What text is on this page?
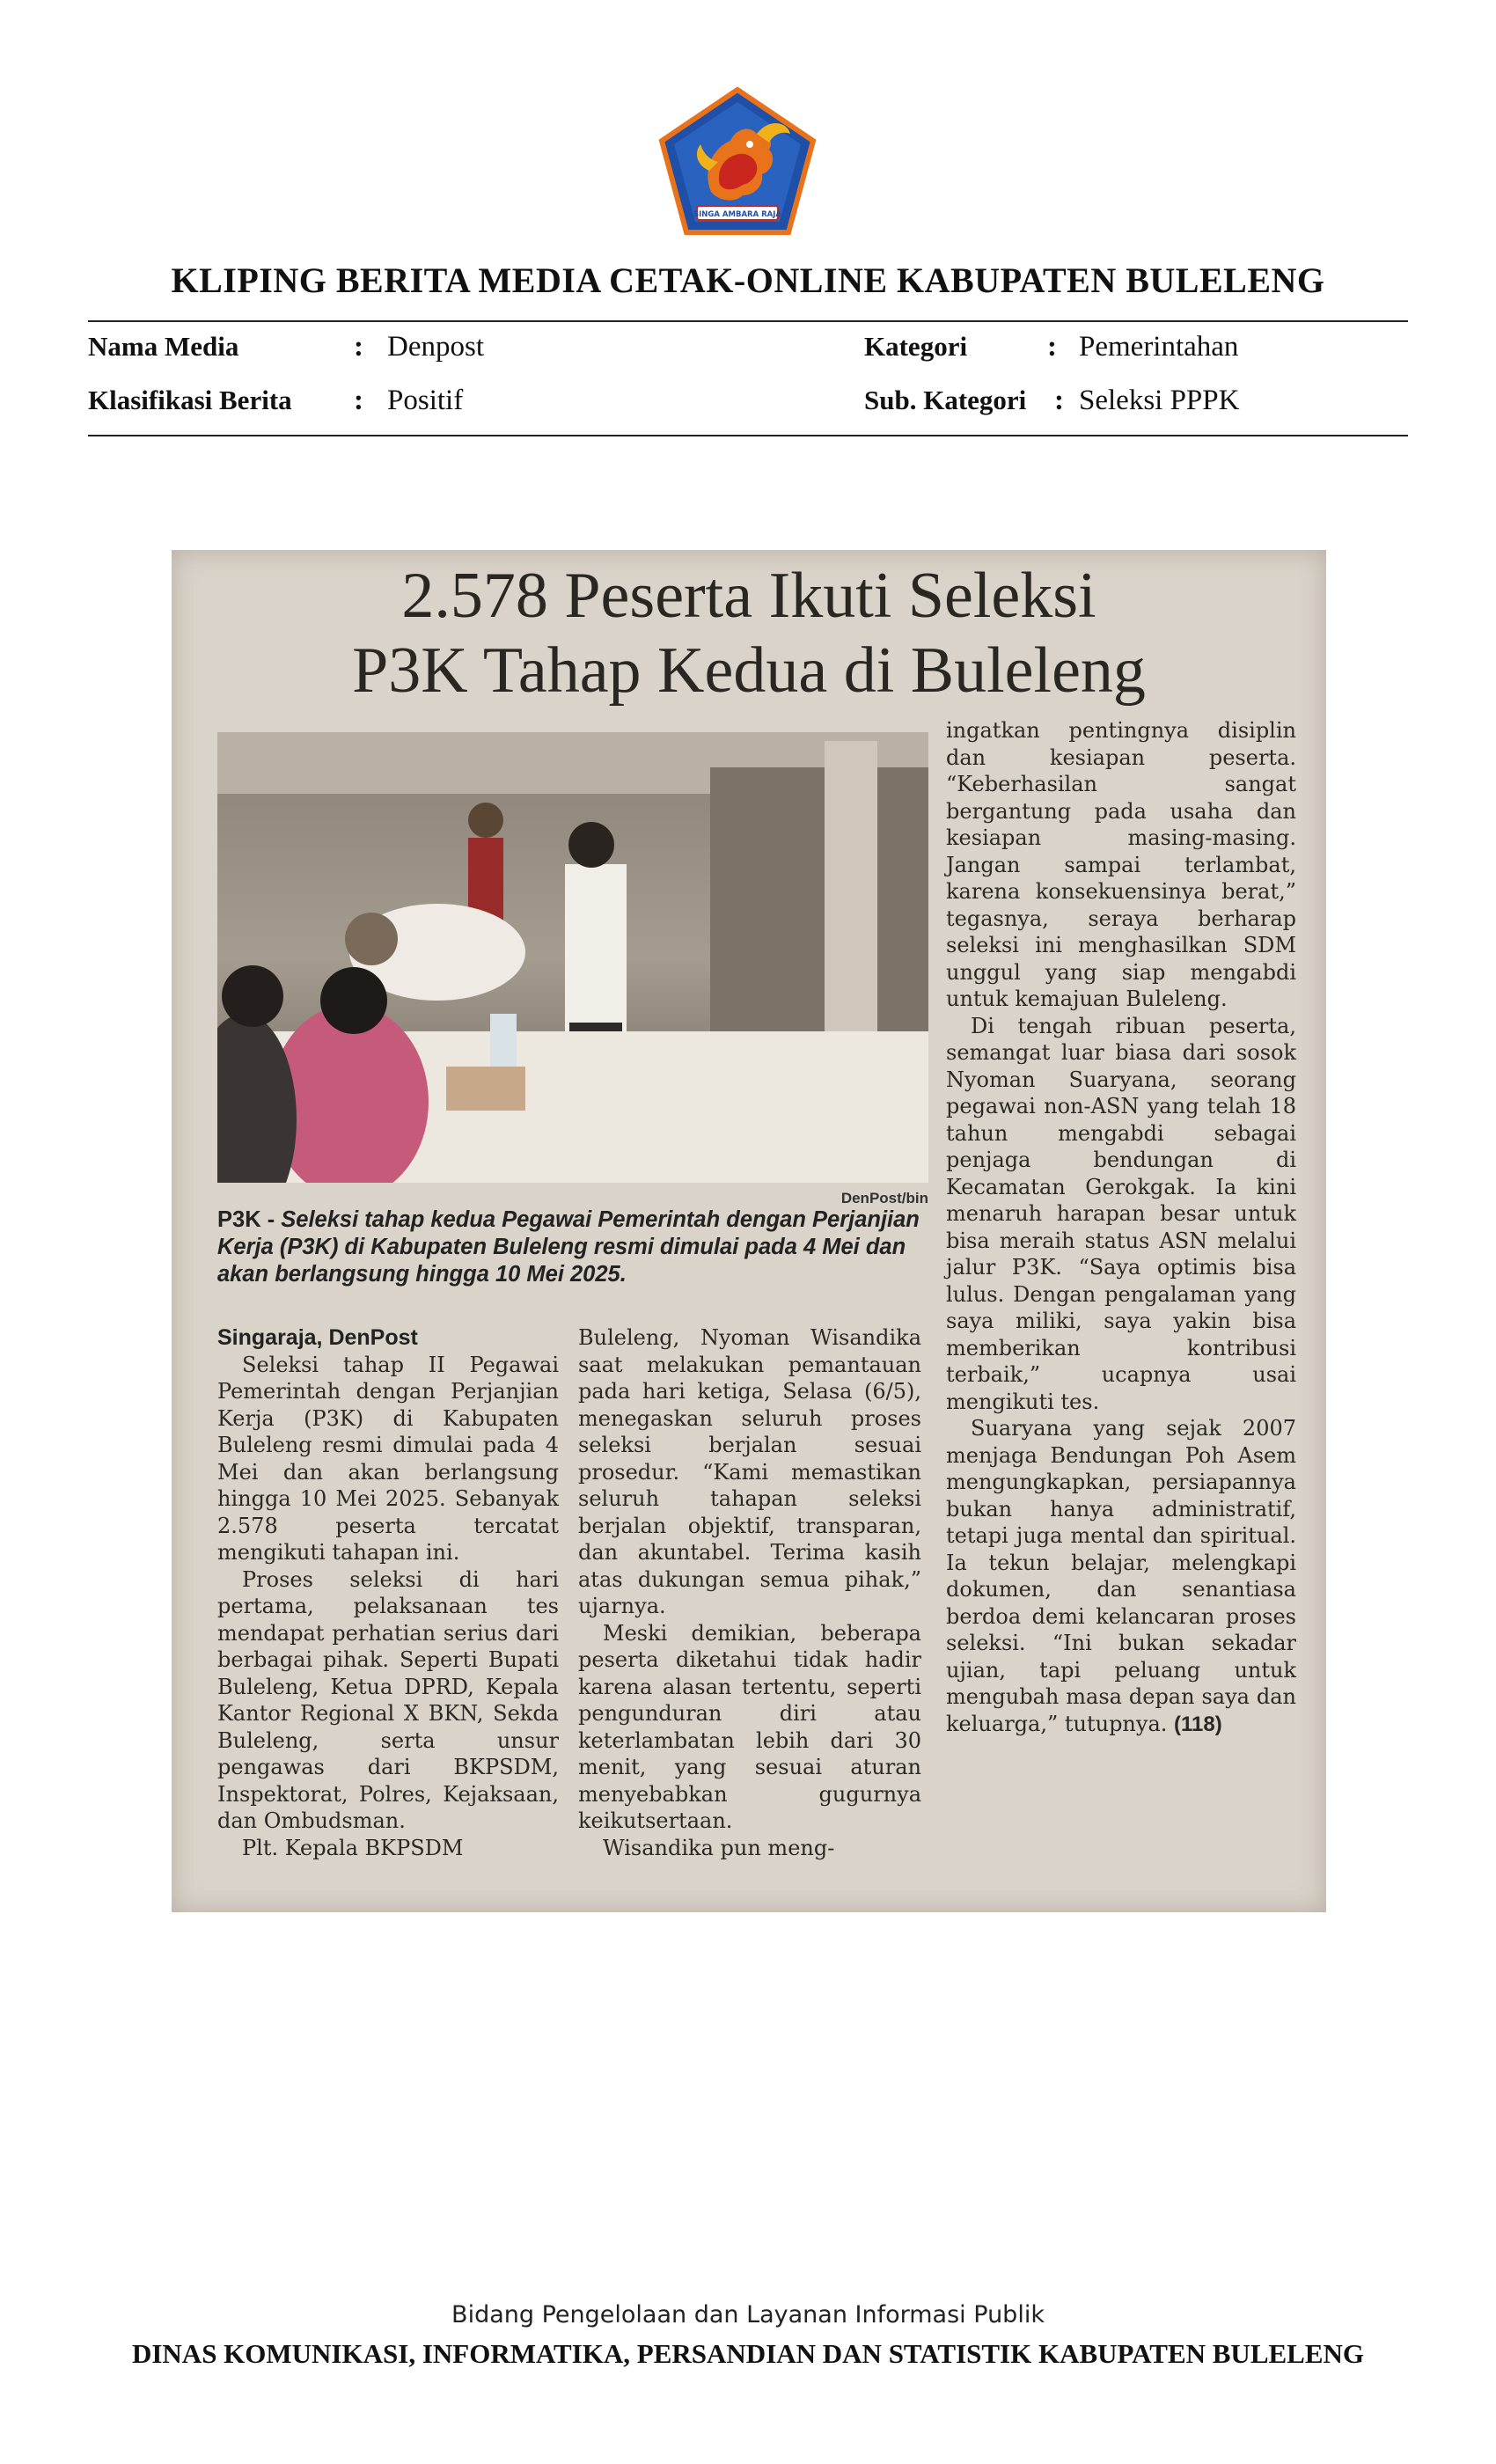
SINGA AMBARA RAJA
KLIPING BERITA MEDIA CETAK-ONLINE KABUPATEN BULELENG
Nama Media	: Denpost	Kategori	: Pemerintahan
Klasifikasi Berita : Positif	Sub. Kategori : Seleksi PPPK
2.578 Peserta Ikuti Seleksi
P3K Tahap Kedua di Buleleng
DenPost/bin
P3K - Seleksi tahap kedua Pegawai Pemerintah dengan Perjanjian Kerja (P3K) di Kabupaten Buleleng resmi dimulai pada 4 Mei dan akan berlangsung hingga 10 Mei 2025.
Singaraja, DenPost

Seleksi tahap II Pegawai Pemerintah dengan Perjanjian Kerja (P3K) di Kabupaten Buleleng resmi dimulai pada 4 Mei dan akan berlangsung hingga 10 Mei 2025. Sebanyak 2.578 peserta tercatat mengikuti tahapan ini.

Proses seleksi di hari pertama, pelaksanaan tes mendapat perhatian serius dari berbagai pihak. Seperti Bupati Buleleng, Ketua DPRD, Kepala Kantor Regional X BKN, Sekda Buleleng, serta unsur pengawas dari BKPSDM, Inspektorat, Polres, Kejaksaan, dan Ombudsman.

Plt. Kepala BKPSDM

Buleleng, Nyoman Wisandika saat melakukan pemantauan pada hari ketiga, Selasa (6/5), menegaskan seluruh proses seleksi berjalan sesuai prosedur. “Kami memastikan seluruh tahapan seleksi berjalan objektif, transparan, dan akuntabel. Terima kasih atas dukungan semua pihak,” ujarnya.

Meski demikian, beberapa peserta diketahui tidak hadir karena alasan tertentu, seperti pengunduran diri atau keterlambatan lebih dari 30 menit, yang sesuai aturan menyebabkan gugurnya keikutsertaan.

Wisandika pun meng-

ingatkan pentingnya disiplin dan kesiapan peserta. “Keberhasilan sangat bergantung pada usaha dan kesiapan masing-masing. Jangan sampai terlambat, karena konsekuensinya berat,” tegasnya, seraya berharap seleksi ini menghasilkan SDM unggul yang siap mengabdi untuk kemajuan Buleleng.

Di tengah ribuan peserta, semangat luar biasa dari sosok Nyoman Suaryana, seorang pegawai non-ASN yang telah 18 tahun mengabdi sebagai penjaga bendungan di Kecamatan Gerokgak. Ia kini menaruh harapan besar untuk bisa meraih status ASN melalui jalur P3K. “Saya optimis bisa lulus. Dengan pengalaman yang saya miliki, saya yakin bisa memberikan kontribusi terbaik,” ucapnya usai mengikuti tes.

Suaryana yang sejak 2007 menjaga Bendungan Poh Asem mengungkapkan, persiapannya bukan hanya administratif, tetapi juga mental dan spiritual. Ia tekun belajar, melengkapi dokumen, dan senantiasa berdoa demi kelancaran proses seleksi. “Ini bukan sekadar ujian, tapi peluang untuk mengubah masa depan saya dan keluarga,” tutupnya. (118)

Bidang Pengelolaan dan Layanan Informasi Publik
DINAS KOMUNIKASI, INFORMATIKA, PERSANDIAN DAN STATISTIK KABUPATEN BULELENG
